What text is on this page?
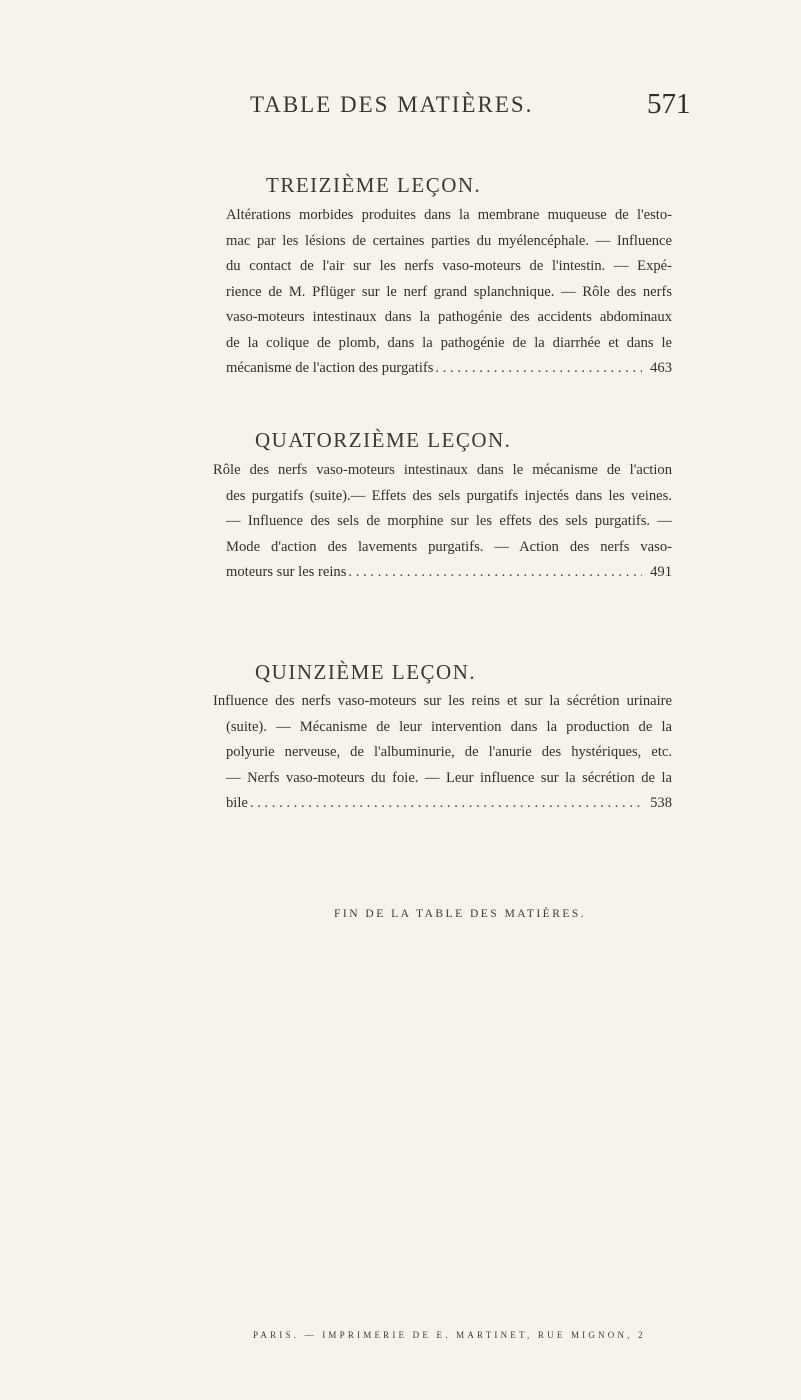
TABLE DES MATIÈRES.	571
TREIZIÈME LEÇON.
Altérations morbides produites dans la membrane muqueuse de l'esto-
mac par les lésions de certaines parties du myélencéphale. — Influence
du contact de l'air sur les nerfs vaso-moteurs de l'intestin. — Expé-
rience de M. Pflüger sur le nerf grand splanchnique. — Rôle des nerfs
vaso-moteurs intestinaux dans la pathogénie des accidents abdominaux
de la colique de plomb, dans la pathogénie de la diarrhée et dans le
mécanisme de l'action des purgatifs . . .	463
QUATORZIÈME LEÇON.
Rôle des nerfs vaso-moteurs intestinaux dans le mécanisme de l'action
des purgatifs (suite).— Effets des sels purgatifs injectés dans les veines.
— Influence des sels de morphine sur les effets des sels purgatifs. —
Mode d'action des lavements purgatifs. — Action des nerfs vaso-
moteurs sur les reins . . .	491
QUINZIÈME LEÇON.
Influence des nerfs vaso-moteurs sur les reins et sur la sécrétion urinaire
(suite). — Mécanisme de leur intervention dans la production de la
polyurie nerveuse, de l'albuminurie, de l'anurie des hystériques, etc.
— Nerfs vaso-moteurs du foie. — Leur influence sur la sécrétion de la
bile . . .	538
FIN DE LA TABLE DES MATIÈRES.
PARIS. — IMPRIMERIE DE E. MARTINET, RUE MIGNON, 2
